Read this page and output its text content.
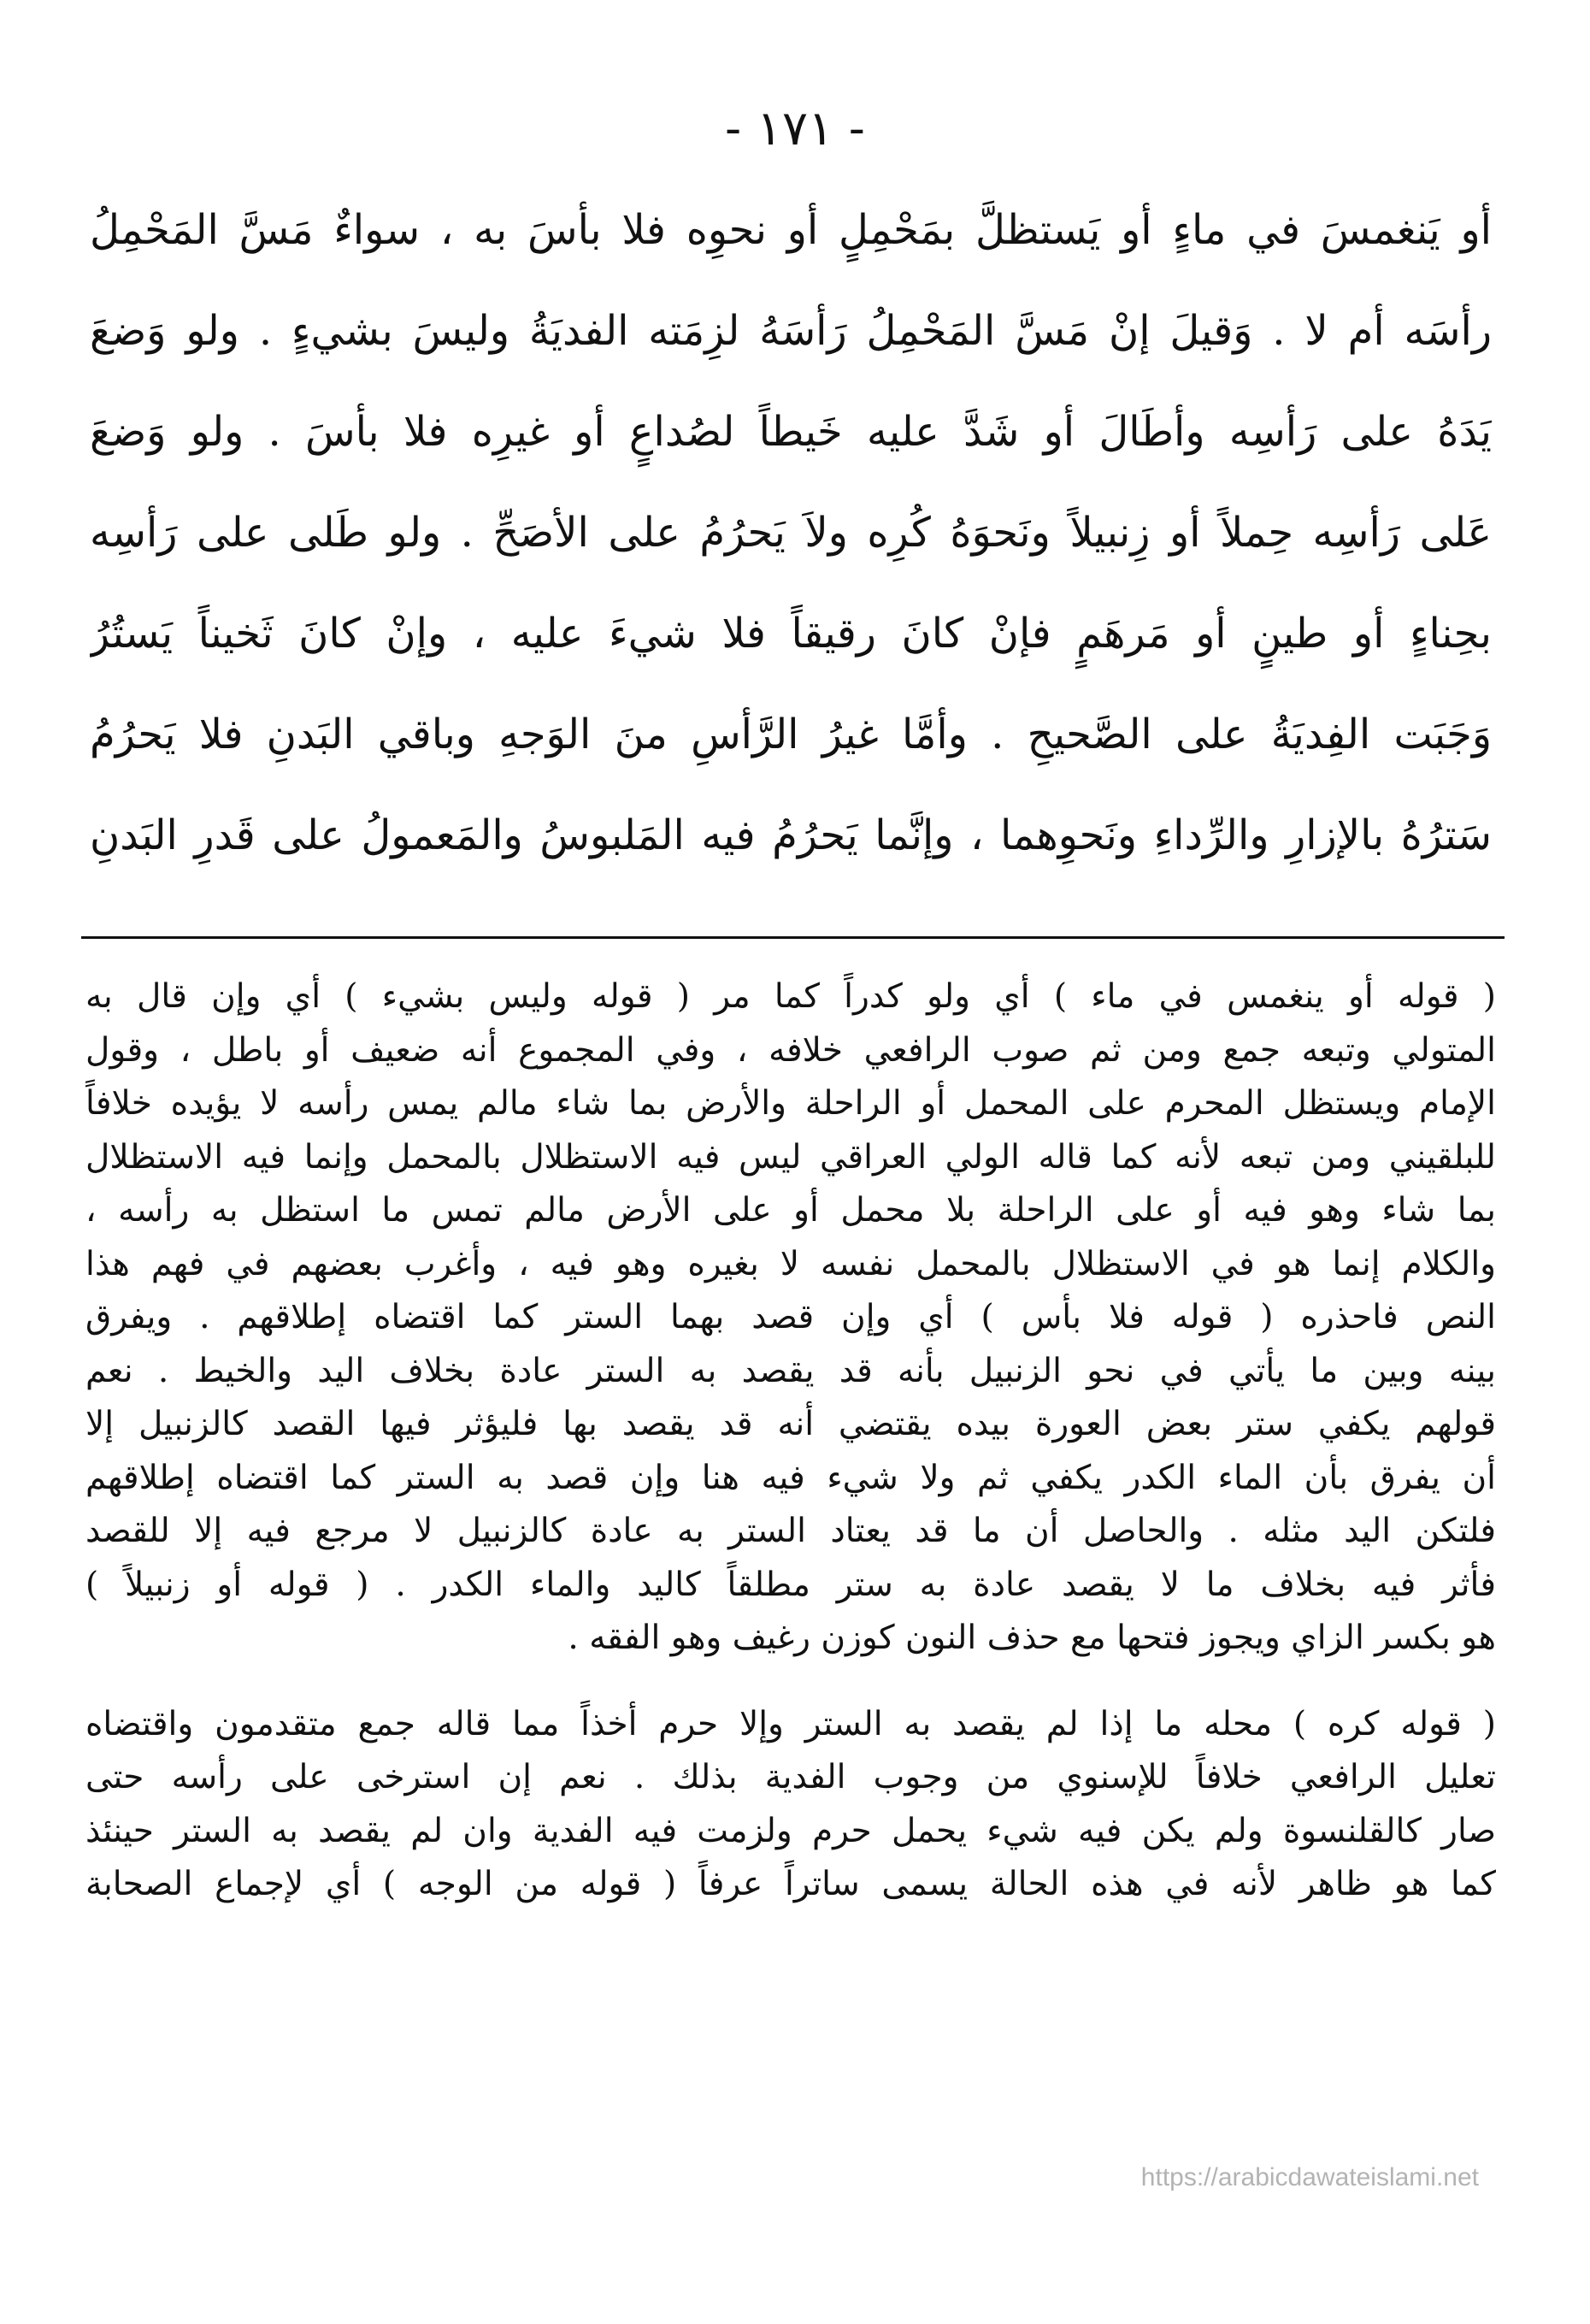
- ١٧١ -
أو يَنغمسَ في ماءٍ أو يَستظلَّ بمَحْمِلٍ أو نحوِه فلا بأسَ به ، سواءٌ مَسَّ المَحْمِلُ
رأسَه أم لا . وَقيلَ إنْ مَسَّ المَحْمِلُ رَأسَهُ لزِمَته الفديَةُ وليسَ بشيءٍ . ولو وَضعَ
يَدَهُ على رَأسِه وأطَالَ أو شَدَّ عليه خَيطاً لصُداعٍ أو غيرِه فلا بأسَ . ولو وَضعَ
عَلى رَأسِه حِملاً أو زِنبيلاً ونَحوَهُ كُرِه ولاَ يَحرُمُ على الأصَحِّ . ولو طَلى على رَأسِه
بحِناءٍ أو طينٍ أو مَرهَمٍ فإنْ كانَ رقيقاً فلا شيءَ عليه ، وإنْ كانَ ثَخيناً يَستُرُ
وَجَبَت الفِديَةُ على الصَّحيحِ . وأمَّا غيرُ الرَّأسِ منَ الوَجهِ وباقي البَدنِ فلا يَحرُمُ
سَترُهُ بالإزارِ والرِّداءِ ونَحوِهما ، وإنَّما يَحرُمُ فيه المَلبوسُ والمَعمولُ على قَدرِ البَدنِ
( قوله أو ينغمس في ماء ) أي ولو كدراً كما مر ( قوله وليس بشيء ) أي وإن قال به
المتولي وتبعه جمع ومن ثم صوب الرافعي خلافه ، وفي المجموع أنه ضعيف أو باطل ، وقول
الإمام ويستظل المحرم على المحمل أو الراحلة والأرض بما شاء مالم يمس رأسه لا يؤيده خلافاً
للبلقيني ومن تبعه لأنه كما قاله الولي العراقي ليس فيه الاستظلال بالمحمل وإنما فيه الاستظلال
بما شاء وهو فيه أو على الراحلة بلا محمل أو على الأرض مالم تمس ما استظل به رأسه ،
والكلام إنما هو في الاستظلال بالمحمل نفسه لا بغيره وهو فيه ، وأغرب بعضهم في فهم هذا
النص فاحذره ( قوله فلا بأس ) أي وإن قصد بهما الستر كما اقتضاه إطلاقهم . ويفرق
بينه وبين ما يأتي في نحو الزنبيل بأنه قد يقصد به الستر عادة بخلاف اليد والخيط . نعم
قولهم يكفي ستر بعض العورة بيده يقتضي أنه قد يقصد بها فليؤثر فيها القصد كالزنبيل إلا
أن يفرق بأن الماء الكدر يكفي ثم ولا شيء فيه هنا وإن قصد به الستر كما اقتضاه إطلاقهم
فلتكن اليد مثله . والحاصل أن ما قد يعتاد الستر به عادة كالزنبيل لا مرجع فيه إلا للقصد
فأثر فيه بخلاف ما لا يقصد عادة به ستر مطلقاً كاليد والماء الكدر . ( قوله أو زنبيلاً )
هو بكسر الزاي ويجوز فتحها مع حذف النون كوزن رغيف وهو الفقه .
( قوله كره ) محله ما إذا لم يقصد به الستر وإلا حرم أخذاً مما قاله جمع متقدمون واقتضاه
تعليل الرافعي خلافاً للإسنوي من وجوب الفدية بذلك . نعم إن استرخى على رأسه حتى
صار كالقلنسوة ولم يكن فيه شيء يحمل حرم ولزمت فيه الفدية وان لم يقصد به الستر حينئذ
كما هو ظاهر لأنه في هذه الحالة يسمى ساتراً عرفاً ( قوله من الوجه ) أي لإجماع الصحابة
https://arabicdawateislami.net
